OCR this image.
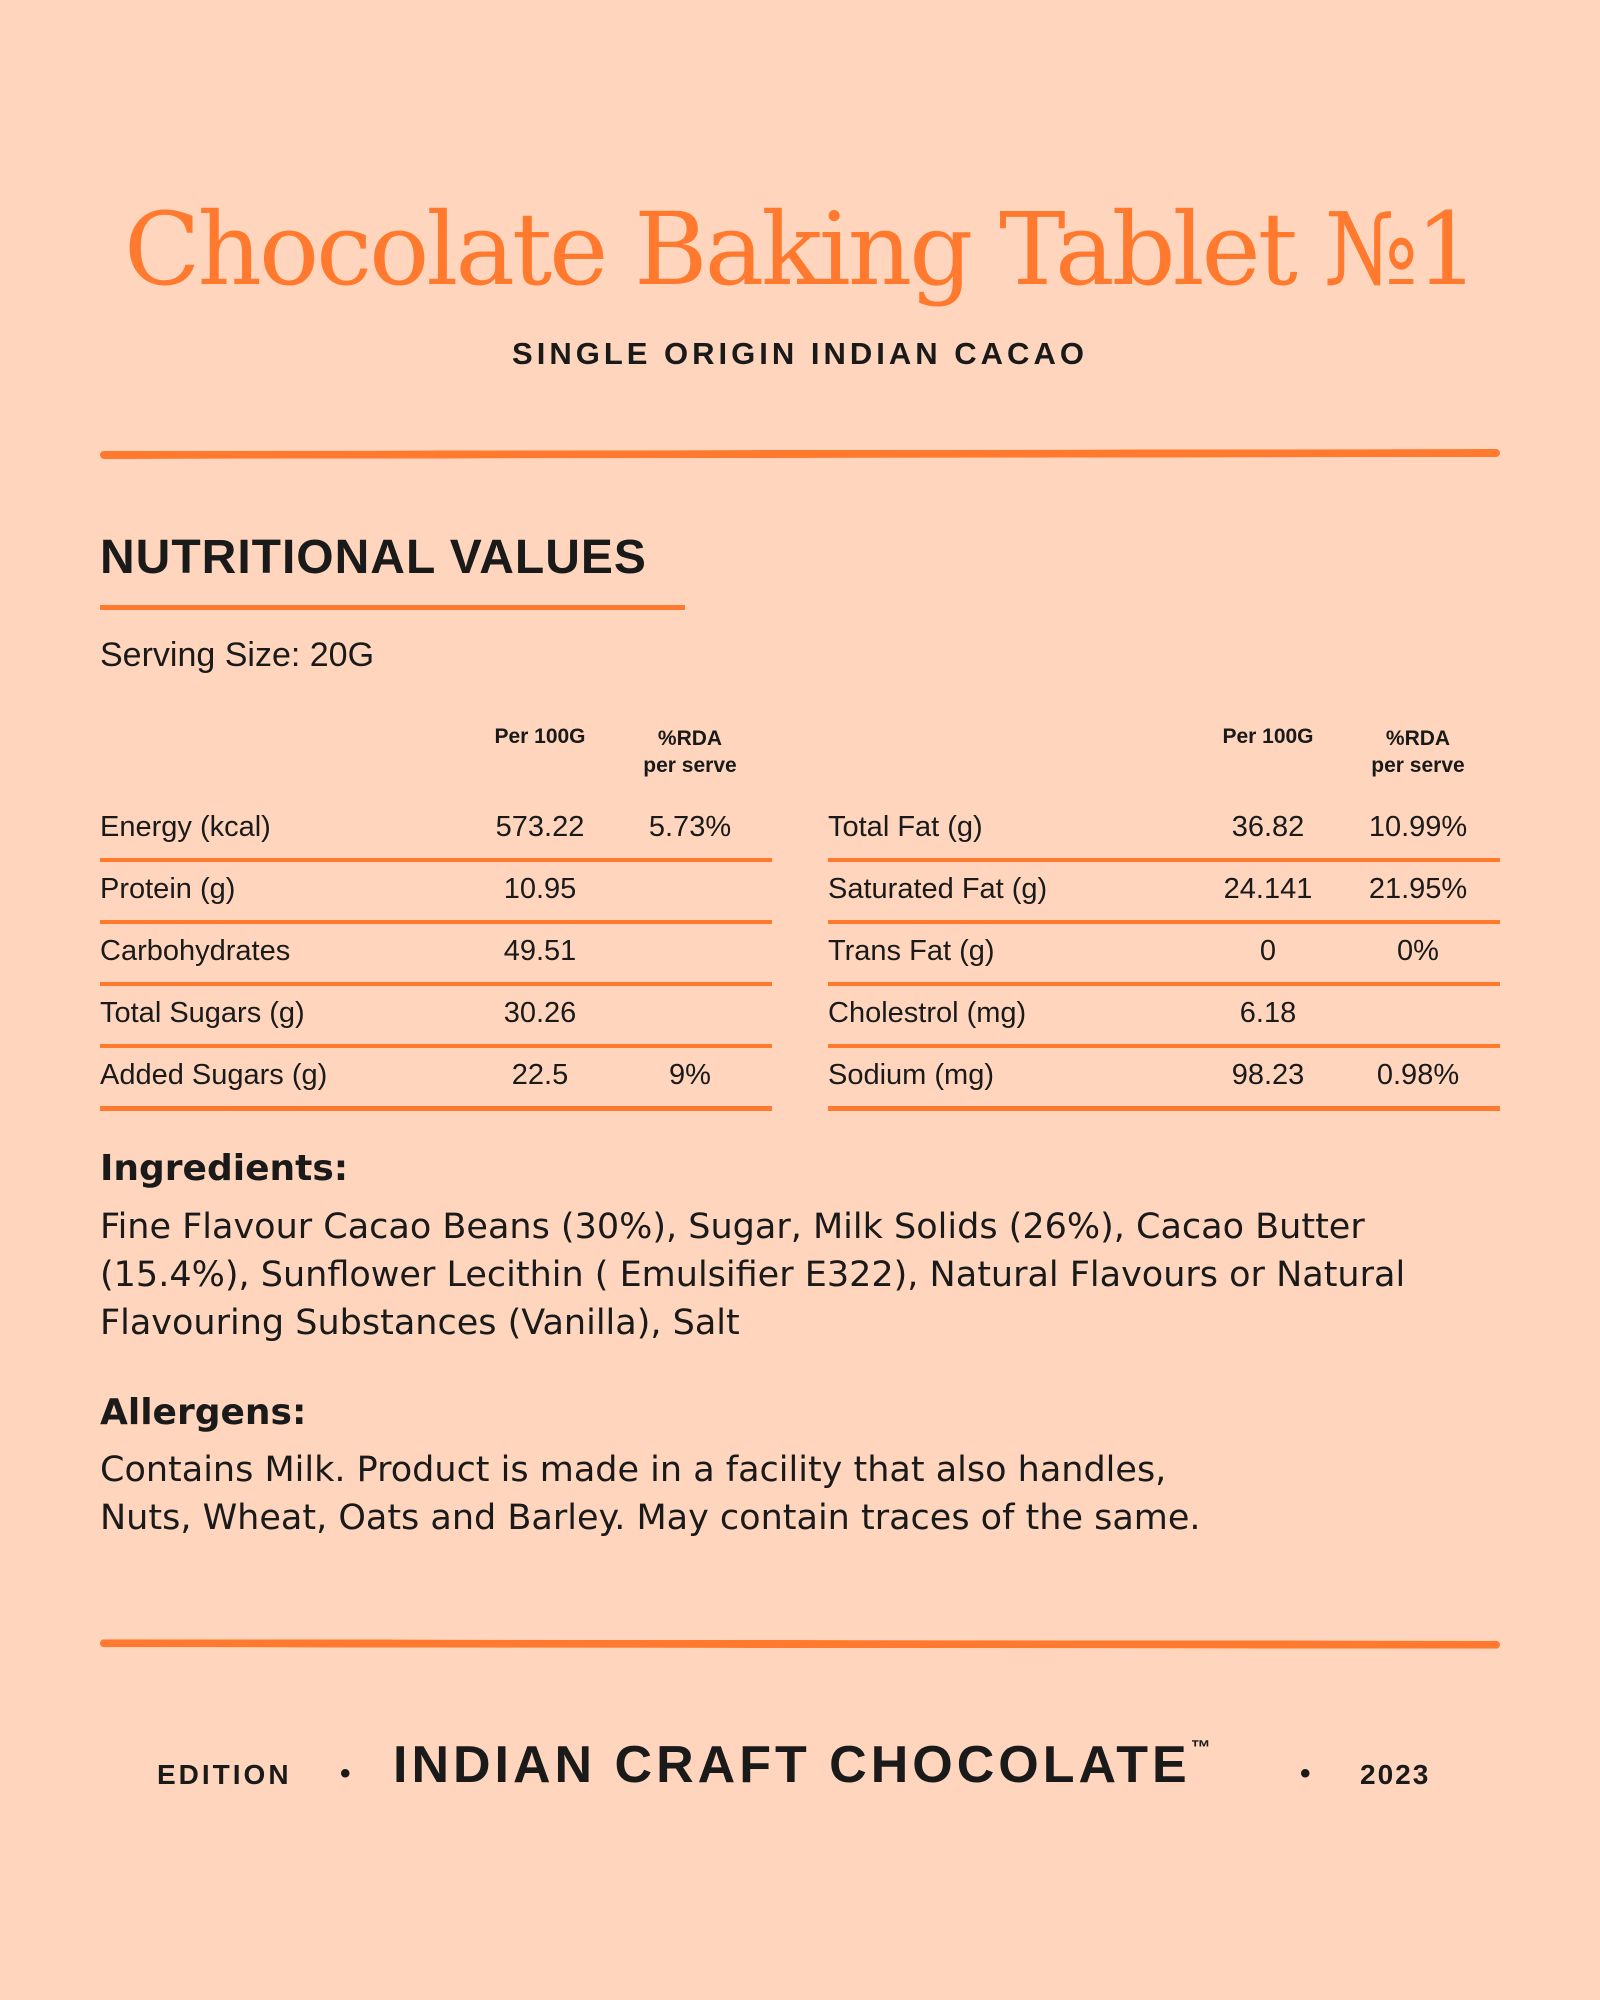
Chocolate Baking Tablet №1
SINGLE ORIGIN INDIAN CACAO
NUTRITIONAL VALUES
Serving Size: 20G
Per 100G	%RDA
per serve
Energy (kcal)	573.22	5.73%
Protein (g)	10.95
Carbohydrates	49.51
Total Sugars (g)	30.26
Added Sugars (g)	22.5	9%
Per 100G	%RDA
per serve
Total Fat (g)	36.82	10.99%
Saturated Fat (g)	24.141	21.95%
Trans Fat (g)	0	0%
Cholestrol (mg)	6.18
Sodium (mg)	98.23	0.98%
Ingredients:
Fine Flavour Cacao Beans (30%), Sugar, Milk Solids (26%), Cacao Butter (15.4%), Sunflower Lecithin ( Emulsifier E322), Natural Flavours or Natural Flavouring Substances (Vanilla), Salt
Allergens:
Contains Milk. Product is made in a facility that also handles,
Nuts, Wheat, Oats and Barley. May contain traces of the same.
EDITION • INDIAN CRAFT CHOCOLATE™
• 2023
